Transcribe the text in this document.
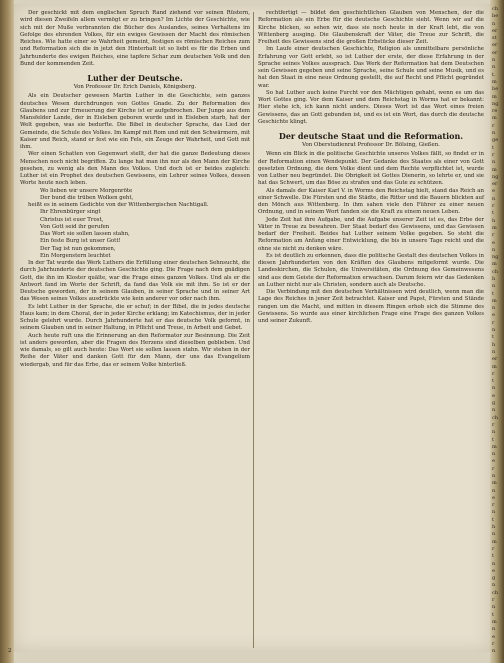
Der geschickt mit dem englischen Spruch Rand ziehend vor seinen Rüstern, wird diesen Zweifeln allem vermögt er zu bringen? Im Lichte der Geschichte, wie sich mit der Muße verbrannten die Bücher des Auslandes, seines Verhaltens im Gefolge des ehrenden Volkes, für ein ewiges Gewissen der Macht des römischen Reiches. Wie hatte einer so Wahrheit gemeint, festigen es römischen Reiches zum und Reformation sich die in jetzt den Hinterhalt ist so liebt es für die Erben und Jahrhunderte des ewigen Reiches, eine tapfere Schar zum deutschen Volk und den Bund der kommenden Zeit.

Luther der Deutsche.

Von Professor Dr. Erich Daniels, Königsberg.

Als ein Deutscher gewesen Martin Luther in die Geschichte, sein ganzes deutsches Wesen durchdrungen von Gottes Gnade. Zu der Reformation des Glaubens und zur Erneuerung der Kirche ist er aufgebrochen. Der Junge aus dem Mansfelder Lande, der in Eisleben geboren wurde und in Eisleben starb, hat der Welt gegeben, was sie bedurfte. Die Bibel in deutscher Sprache, das Lied der Gemeinde, die Schule des Volkes. Im Kampf mit Rom und mit den Schwärmern, mit Kaiser und Reich, stand er fest wie ein Fels, ein Zeuge der Wahrheit, und Gott mit ihm.

Wer einen Schatten von Gegenwart stellt, der hat die ganze Bedeutung dieses Menschen noch nicht begriffen. Zu lange hat man ihn nur als den Mann der Kirche gesehen, zu wenig als den Mann des Volkes. Und doch ist er beides zugleich: Luther ist ein Prophet des deutschen Gewissens, ein Lehrer seines Volkes, dessen Worte heute noch leben.

Wo lieben wir unsere Morgenröte

Der bund die trüben Wolken geht,

heißt es in seinem Gedichte von der Wittenbergischen Nachtigall.

Ihr Ehrenbürger singt

Christus ist euer Trost,

Von Gott seid ihr gerufen

Das Wort sie sollen lassen stahn,

Ein feste Burg ist unser Gott!

Der Tag ist nun gekommen,

Ein Morgenstern leuchtet

In der Tat wurde das Werk Luthers die Erfüllung einer deutschen Sehnsucht, die durch Jahrhunderte der deutschen Geschichte ging. Die Frage nach dem gnädigen Gott, die ihn im Kloster quälte, war die Frage eines ganzen Volkes. Und als er die Antwort fand im Worte der Schrift, da fand das Volk sie mit ihm. So ist er der Deutsche geworden, der in seinem Glauben, in seiner Sprache und in seiner Art das Wesen seines Volkes ausdrückte wie kein anderer vor oder nach ihm.

Es lebt Luther in der Sprache, die er schuf; in der Bibel, die in jedes deutsche Haus kam; in dem Choral, der in jeder Kirche erklang; im Katechismus, der in jeder Schule gelehrt wurde. Durch Jahrhunderte hat er das deutsche Volk geformt, in seinem Glauben und in seiner Haltung, in Pflicht und Treue, in Arbeit und Gebet.

Auch heute ruft uns die Erinnerung an den Reformator zur Besinnung. Die Zeit ist anders geworden, aber die Fragen des Herzens sind dieselben geblieben. Und wie damals, so gilt auch heute: Das Wort sie sollen lassen stahn. Wir stehen in der Reihe der Väter und danken Gott für den Mann, der uns das Evangelium wiedergab, und für das Erbe, das er seinem Volke hinterließ.

rechtfertigt — bildet den geschichtlichen Glauben von Menschen, der die Reformation als ein Erbe für die deutsche Geschichte sieht. Wenn wir auf die Kirche blicken, so sehen wir, dass sie noch heute in der Kraft lebt, die von Wittenberg ausging. Die Glaubenskraft der Väter, die Treue zur Schrift, die Freiheit des Gewissens sind die großen Erbstücke dieser Zeit.

Im Laufe einer deutschen Geschichte, Religion als unmittelbare persönliche Erfahrung vor Gott erlebt, so ist Luther der erste, der diese Erfahrung in der Sprache seines Volkes aussprach. Das Werk der Reformation hat dem Deutschen sein Gewissen gegeben und seine Sprache, seine Schule und seine Musik, und es hat den Staat in eine neue Ordnung gestellt, die auf Recht und Pflicht gegründet war.

So hat Luther auch keine Furcht vor den Mächtigen gehabt, wenn es um das Wort Gottes ging. Vor dem Kaiser und dem Reichstag in Worms hat er bekannt: Hier stehe ich, ich kann nicht anders. Dieses Wort ist das Wort eines freien Gewissens, das an Gott gebunden ist, und es ist ein Wort, das durch die deutsche Geschichte klingt.

Der deutsche Staat und die Reformation.

Von Oberstudienrat Professor Dr. Bölsing, Gießen.

Wenn ein Blick in die politische Geschichte unseres Volkes fällt, so findet er in der Reformation einen Wendepunkt. Der Gedanke des Staates als einer von Gott gesetzten Ordnung, die dem Volke dient und dem Rechte verpflichtet ist, wurde von Luther neu begründet. Die Obrigkeit ist Gottes Dienerin, so lehrte er, und sie hat das Schwert, um das Böse zu strafen und das Gute zu schützen.

Als damals der Kaiser Karl V. in Worms den Reichstag hielt, stand das Reich an einer Schwelle. Die Fürsten und die Städte, die Ritter und die Bauern blickten auf den Mönch aus Wittenberg. In ihm sahen viele den Führer zu einer neuen Ordnung, und in seinem Wort fanden sie die Kraft zu einem neuen Leben.

Jede Zeit hat ihre Aufgabe, und die Aufgabe unserer Zeit ist es, das Erbe der Väter in Treue zu bewahren. Der Staat bedarf des Gewissens, und das Gewissen bedarf der Freiheit. Beides hat Luther seinem Volke gegeben. So steht die Reformation am Anfang einer Entwicklung, die bis in unsere Tage reicht und die ohne sie nicht zu denken wäre.

Es ist deutlich zu erkennen, dass die politische Gestalt des deutschen Volkes in diesen Jahrhunderten von den Kräften des Glaubens mitgeformt wurde. Die Landeskirchen, die Schulen, die Universitäten, die Ordnung des Gemeinwesens sind aus dem Geiste der Reformation erwachsen. Darum feiern wir das Gedenken an Luther nicht nur als Christen, sondern auch als Deutsche.

Die Verbindung mit den deutschen Verhältnissen wird deutlich, wenn man die Lage des Reiches in jener Zeit betrachtet. Kaiser und Papst, Fürsten und Stände rangen um die Macht, und mitten in diesem Ringen erhob sich die Stimme des Gewissens. So wurde aus einer kirchlichen Frage eine Frage des ganzen Volkes und seiner Zukunft.

2
ch
be
n
er
st
er
er
n
n
t.
m
be
m
ng
re
m
r
n
ge
t
r
n
m
ng
er
e
n
r
t
h
m
r
e
n
ng
m
ch
h
n
t
m
n
e
r
n
t
h
n
er
m
r
t
n
e
g
n
ch
r
n
t
m
n
e
r
n
m
n
e
r
n
t
h
n
m
r
t
n
e
g
n
ch
r
n
t
m
n
e
r
n
